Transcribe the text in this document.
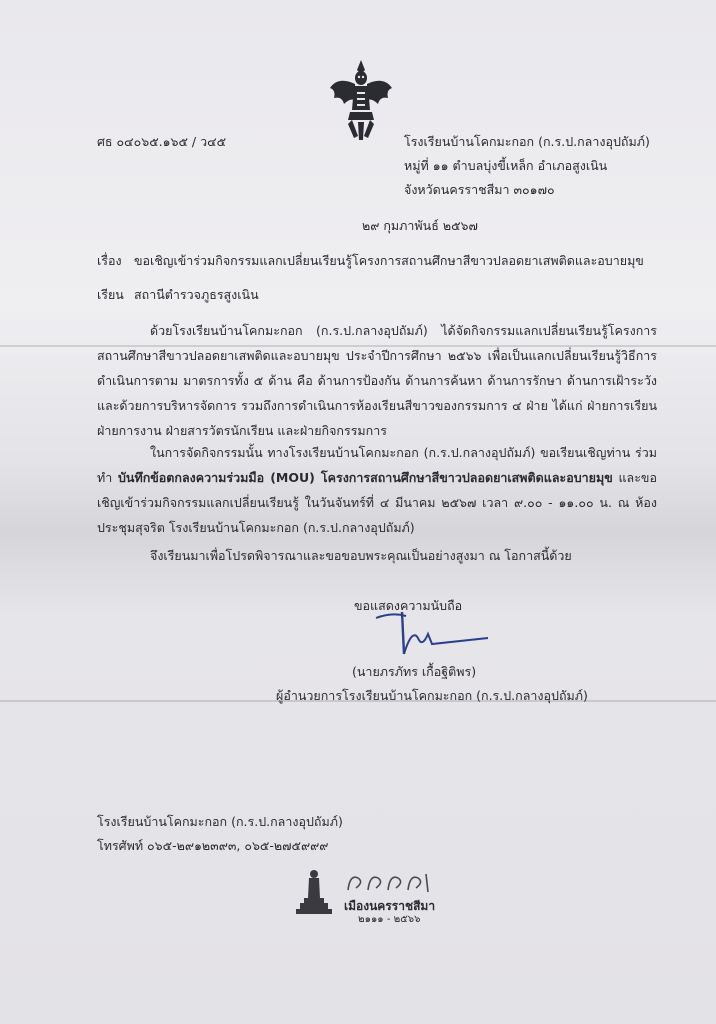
ศธ ๐๔๐๖๕.๑๖๕ / ว๔๕	โรงเรียนบ้านโคกมะกอก (ก.ร.ป.กลางอุปถัมภ์)
หมู่ที่ ๑๑ ตำบลบุ่งขี้เหล็ก อำเภอสูงเนิน
จังหวัดนครราชสีมา ๓๐๑๗๐
๒๙ กุมภาพันธ์ ๒๕๖๗
เรื่อง ขอเชิญเข้าร่วมกิจกรรมแลกเปลี่ยนเรียนรู้โครงการสถานศึกษาสีขาวปลอดยาเสพติดและอบายมุข
เรียน สถานีตำรวจภูธรสูงเนิน
ด้วยโรงเรียนบ้านโคกมะกอก (ก.ร.ป.กลางอุปถัมภ์) ได้จัดกิจกรรมแลกเปลี่ยนเรียนรู้โครงการสถานศึกษาสีขาวปลอดยาเสพติดและอบายมุข ประจำปีการศึกษา ๒๕๖๖ เพื่อเป็นแลกเปลี่ยนเรียนรู้วิธีการดำเนินการตาม มาตรการทั้ง ๕ ด้าน คือ ด้านการป้องกัน ด้านการค้นหา ด้านการรักษา ด้านการเฝ้าระวัง และด้วยการบริหารจัดการ รวมถึงการดำเนินการห้องเรียนสีขาวของกรรมการ ๔ ฝ่าย ได้แก่ ฝ่ายการเรียนฝ่ายการงาน ฝ่ายสารวัตรนักเรียน และฝ่ายกิจกรรมการ
ในการจัดกิจกรรมนั้น ทางโรงเรียนบ้านโคกมะกอก (ก.ร.ป.กลางอุปถัมภ์) ขอเรียนเชิญท่าน ร่วมทำ บันทึกข้อตกลงความร่วมมือ (MOU) โครงการสถานศึกษาสีขาวปลอดยาเสพติดและอบายมุข และขอเชิญเข้าร่วมกิจกรรมแลกเปลี่ยนเรียนรู้ ในวันจันทร์ที่ ๔ มีนาคม ๒๕๖๗ เวลา ๙.๐๐ - ๑๑.๐๐ น. ณ ห้องประชุมสุจริต โรงเรียนบ้านโคกมะกอก (ก.ร.ป.กลางอุปถัมภ์)
จึงเรียนมาเพื่อโปรดพิจารณาและขอขอบพระคุณเป็นอย่างสูงมา ณ โอกาสนี้ด้วย
ขอแสดงความนับถือ
(นายภรภัทร เกื้อฐิติพร)
ผู้อำนวยการโรงเรียนบ้านโคกมะกอก (ก.ร.ป.กลางอุปถัมภ์)
โรงเรียนบ้านโคกมะกอก (ก.ร.ป.กลางอุปถัมภ์)
โทรศัพท์ ๐๖๕-๒๙๑๒๓๙๓, ๐๖๕-๒๗๕๙๙๙
เมืองนครราชสีมา
๒๑๑๑ - ๒๕๖๖
